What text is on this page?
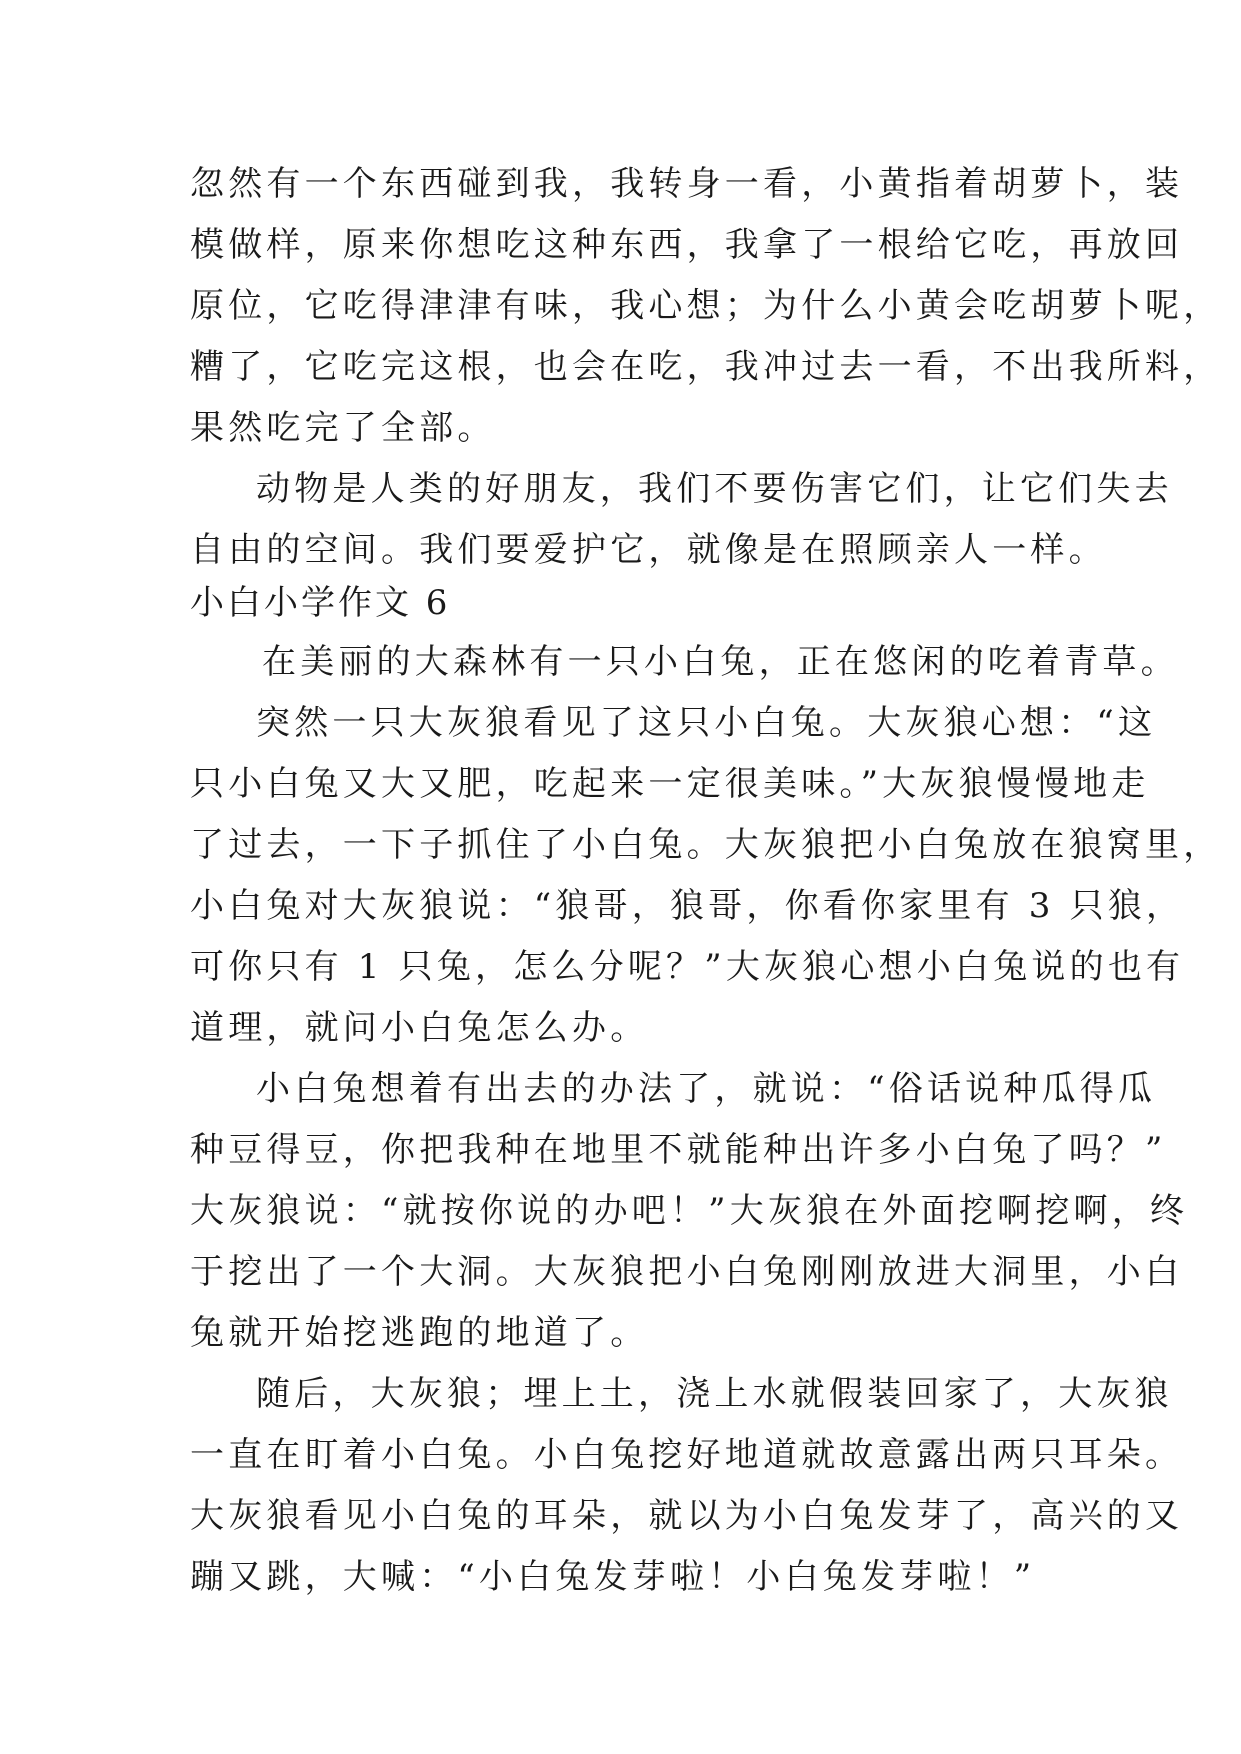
忽然有一个东西碰到我，我转身一看，小黄指着胡萝卜，装
模做样，原来你想吃这种东西，我拿了一根给它吃，再放回
原位，它吃得津津有味，我心想；为什么小黄会吃胡萝卜呢，
糟了，它吃完这根，也会在吃，我冲过去一看，不出我所料，
果然吃完了全部。
动物是人类的好朋友，我们不要伤害它们，让它们失去
自由的空间。我们要爱护它，就像是在照顾亲人一样。
小白小学作文 6
在美丽的大森林有一只小白兔，正在悠闲的吃着青草。
突然一只大灰狼看见了这只小白兔。大灰狼心想：“这
只小白兔又大又肥，吃起来一定很美味。”大灰狼慢慢地走
了过去，一下子抓住了小白兔。大灰狼把小白兔放在狼窝里，
小白兔对大灰狼说：“狼哥，狼哥，你看你家里有 3 只狼，
可你只有 1 只兔，怎么分呢？”大灰狼心想小白兔说的也有
道理，就问小白兔怎么办。
小白兔想着有出去的办法了，就说：“俗话说种瓜得瓜
种豆得豆，你把我种在地里不就能种出许多小白兔了吗？”
大灰狼说：“就按你说的办吧！”大灰狼在外面挖啊挖啊，终
于挖出了一个大洞。大灰狼把小白兔刚刚放进大洞里，小白
兔就开始挖逃跑的地道了。
随后，大灰狼；埋上土，浇上水就假装回家了，大灰狼
一直在盯着小白兔。小白兔挖好地道就故意露出两只耳朵。
大灰狼看见小白兔的耳朵，就以为小白兔发芽了，高兴的又
蹦又跳，大喊：“小白兔发芽啦！小白兔发芽啦！”
